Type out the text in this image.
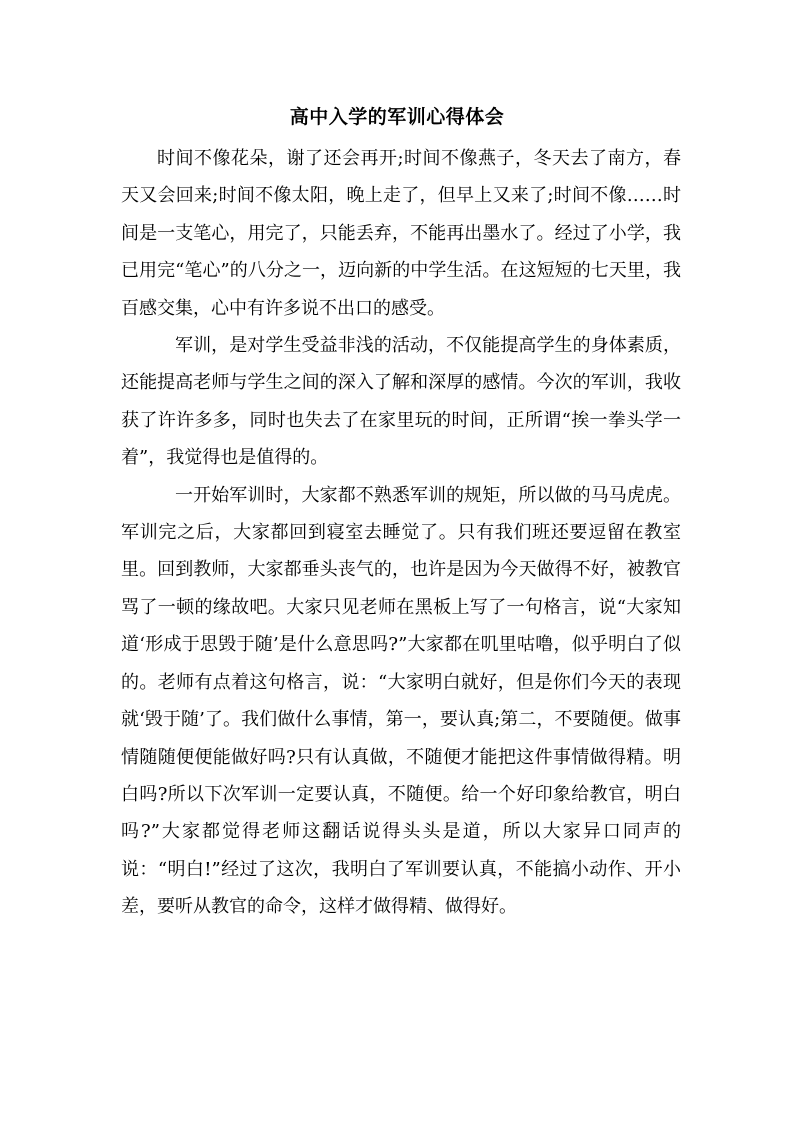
高中入学的军训心得体会

时间不像花朵，谢了还会再开;时间不像燕子，冬天去了南方，春天又会回来;时间不像太阳，晚上走了，但早上又来了;时间不像……时间是一支笔心，用完了，只能丢弃，不能再出墨水了。经过了小学，我已用完“笔心”的八分之一，迈向新的中学生活。在这短短的七天里，我百感交集，心中有许多说不出口的感受。

军训，是对学生受益非浅的活动，不仅能提高学生的身体素质，还能提高老师与学生之间的深入了解和深厚的感情。今次的军训，我收获了许许多多，同时也失去了在家里玩的时间，正所谓“挨一拳头学一着”，我觉得也是值得的。

一开始军训时，大家都不熟悉军训的规矩，所以做的马马虎虎。军训完之后，大家都回到寝室去睡觉了。只有我们班还要逗留在教室里。回到教师，大家都垂头丧气的，也许是因为今天做得不好，被教官骂了一顿的缘故吧。大家只见老师在黑板上写了一句格言，说“大家知道‘形成于思毁于随’是什么意思吗?”大家都在叽里咕噜，似乎明白了似的。老师有点着这句格言，说：“大家明白就好，但是你们今天的表现就‘毁于随’了。我们做什么事情，第一，要认真;第二，不要随便。做事情随随便便能做好吗?只有认真做，不随便才能把这件事情做得精。明白吗?所以下次军训一定要认真，不随便。给一个好印象给教官，明白吗?”大家都觉得老师这翻话说得头头是道，所以大家异口同声的说：“明白!”经过了这次，我明白了军训要认真，不能搞小动作、开小差，要听从教官的命令，这样才做得精、做得好。
